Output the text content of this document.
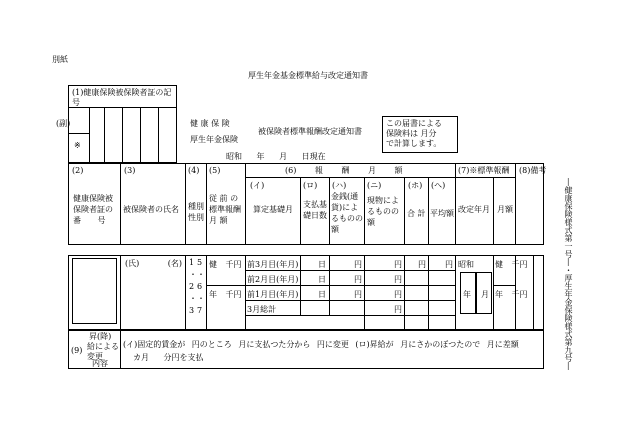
別紙
厚生年金基金標準給与改定通知書
(1)健康保険被保険者証の記号
(副)
※
健 康 保 険
厚生年金保険
被保険者標準報酬改定通知書
この届書による
保険料は 月分
で計算します。
昭和 年 月 日現在
(2)
健康保険被
保険者証の
番 号
(3)
被保険者の氏名
(4)
種別
性別
(5)
従 前 の
標準報酬
月 額
(6) 報 酬 月 額
(イ)
算定基礎月
(ロ)
支払基
礎日数
(ハ)
金銭(通
貨)によ
るものの
額
(ニ)
現物によ
るものの
額
(ホ)
合 計
(ヘ)
平均額
(7)※標準報酬
改定年月 月額
(8)備考
(氏) (名) 1 5
・ ・
2 6
・ ・
3 7
健 千円
年 千円
前3月目(年月)
前2月目(年月)
前1月目(年月)
3月総計
日
日
日
円
円
円
円
円
円
円
円 円 昭和
年 月
健 千円
年 千円
(9)
昇(降)
給による変更
内容
(イ)固定的賃金が 円のところ 月に支払つた分から 円に変更 (ロ)昇給が 月にさかのぼつたので 月に差額
カ月 分円を支払	―健康保険様式第一号―・厚生年金保険様式第九号―
